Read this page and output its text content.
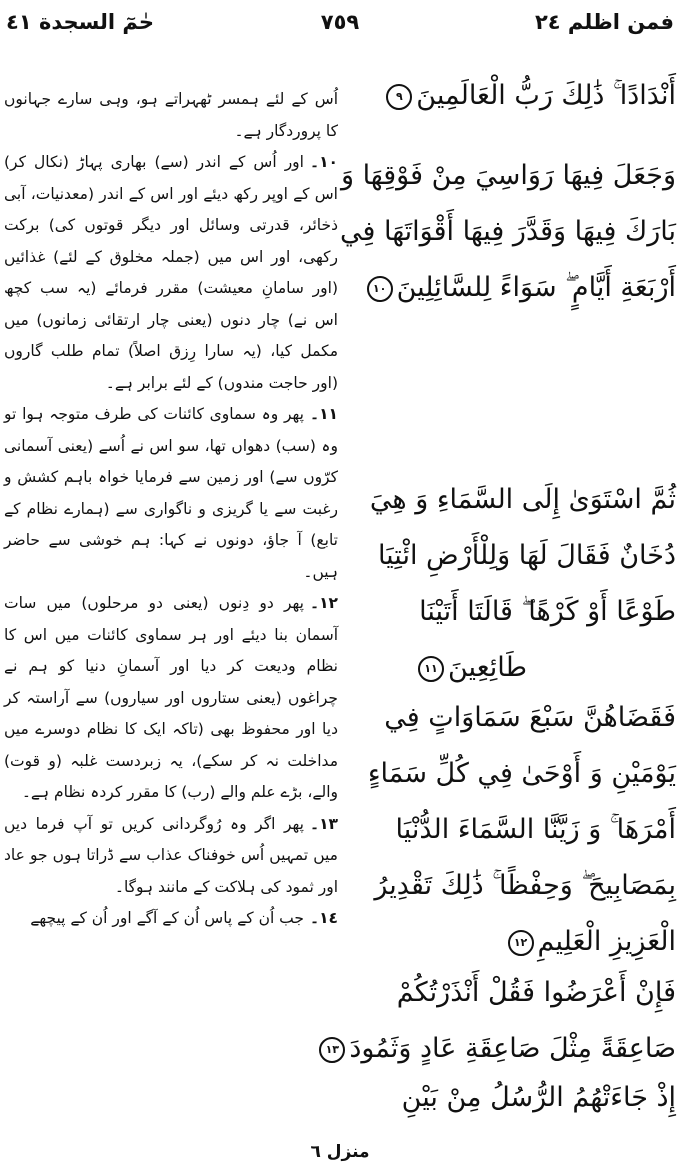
حٰمٓ السجدة ٤١	٧٥٩	فمن اظلم ٢٤

اُس کے لئے ہمسر ٹھہراتے ہو، وہی سارے جہانوں کا پروردگار ہے۔

١٠۔اور اُس کے اندر (سے) بھاری پہاڑ (نکال کر) اس کے اوپر رکھ دیئے اور اس کے اندر (معدنیات، آبی ذخائر، قدرتی وسائل اور دیگر قوتوں کی) برکت رکھی، اور اس میں (جملہ مخلوق کے لئے) غذائیں (اور سامانِ معیشت) مقرر فرمائے (یہ سب کچھ اس نے) چار دنوں (یعنی چار ارتقائی زمانوں) میں مکمل کیا، (یہ سارا رِزق اصلاً) تمام طلب گاروں (اور حاجت مندوں) کے لئے برابر ہے۔

١١۔پھر وہ سماوی کائنات کی طرف متوجہ ہوا تو وہ (سب) دھواں تھا، سو اس نے اُسے (یعنی آسمانی کرّوں سے) اور زمین سے فرمایا خواہ باہم کشش و رغبت سے یا گریزی و ناگواری سے (ہمارے نظام کے تابع) آ جاؤ، دونوں نے کہا: ہم خوشی سے حاضر ہیں۔

١٢۔پھر دو دِنوں (یعنی دو مرحلوں) میں سات آسمان بنا دیئے اور ہر سماوی کائنات میں اس کا نظام ودیعت کر دیا اور آسمانِ دنیا کو ہم نے چراغوں (یعنی ستاروں اور سیاروں) سے آراستہ کر دیا اور محفوظ بھی (تاکہ ایک کا نظام دوسرے میں مداخلت نہ کر سکے)، یہ زبردست غلبہ (و قوت) والے، بڑے علم والے (رب) کا مقرر کردہ نظام ہے۔

١٣۔پھر اگر وہ رُوگردانی کریں تو آپ فرما دیں میں تمہیں اُس خوفناک عذاب سے ڈراتا ہوں جو عاد اور ثمود کی ہلاکت کے مانند ہوگا۔

١٤۔جب اُن کے پاس اُن کے آگے اور اُن کے پیچھے

أَنْدَادًا ۚ ذَٰلِكَ رَبُّ الْعَالَمِينَ٩

وَجَعَلَ فِيهَا رَوَاسِيَ مِنْ فَوْقِهَا وَ

بَارَكَ فِيهَا وَقَدَّرَ فِيهَا أَقْوَاتَهَا فِي

أَرْبَعَةِ أَيَّامٍ ۖ سَوَاءً لِلسَّائِلِينَ١٠

ثُمَّ اسْتَوَىٰ إِلَى السَّمَاءِ وَ هِيَ

دُخَانٌ فَقَالَ لَهَا وَلِلْأَرْضِ ائْتِيَا

طَوْعًا أَوْ كَرْهًا ۖ قَالَتَا أَتَيْنَا

طَائِعِينَ١١

فَقَضَاهُنَّ سَبْعَ سَمَاوَاتٍ فِي

يَوْمَيْنِ وَ أَوْحَىٰ فِي كُلِّ سَمَاءٍ

أَمْرَهَا ۚ وَ زَيَّنَّا السَّمَاءَ الدُّنْيَا

بِمَصَابِيحَ ۖ وَحِفْظًا ۚ ذَٰلِكَ تَقْدِيرُ

الْعَزِيزِ الْعَلِيمِ١٢

فَإِنْ أَعْرَضُوا فَقُلْ أَنْذَرْتُكُمْ

صَاعِقَةً مِثْلَ صَاعِقَةِ عَادٍ وَثَمُودَ١٣

إِذْ جَاءَتْهُمُ الرُّسُلُ مِنْ بَيْنِ

منزل ٦
